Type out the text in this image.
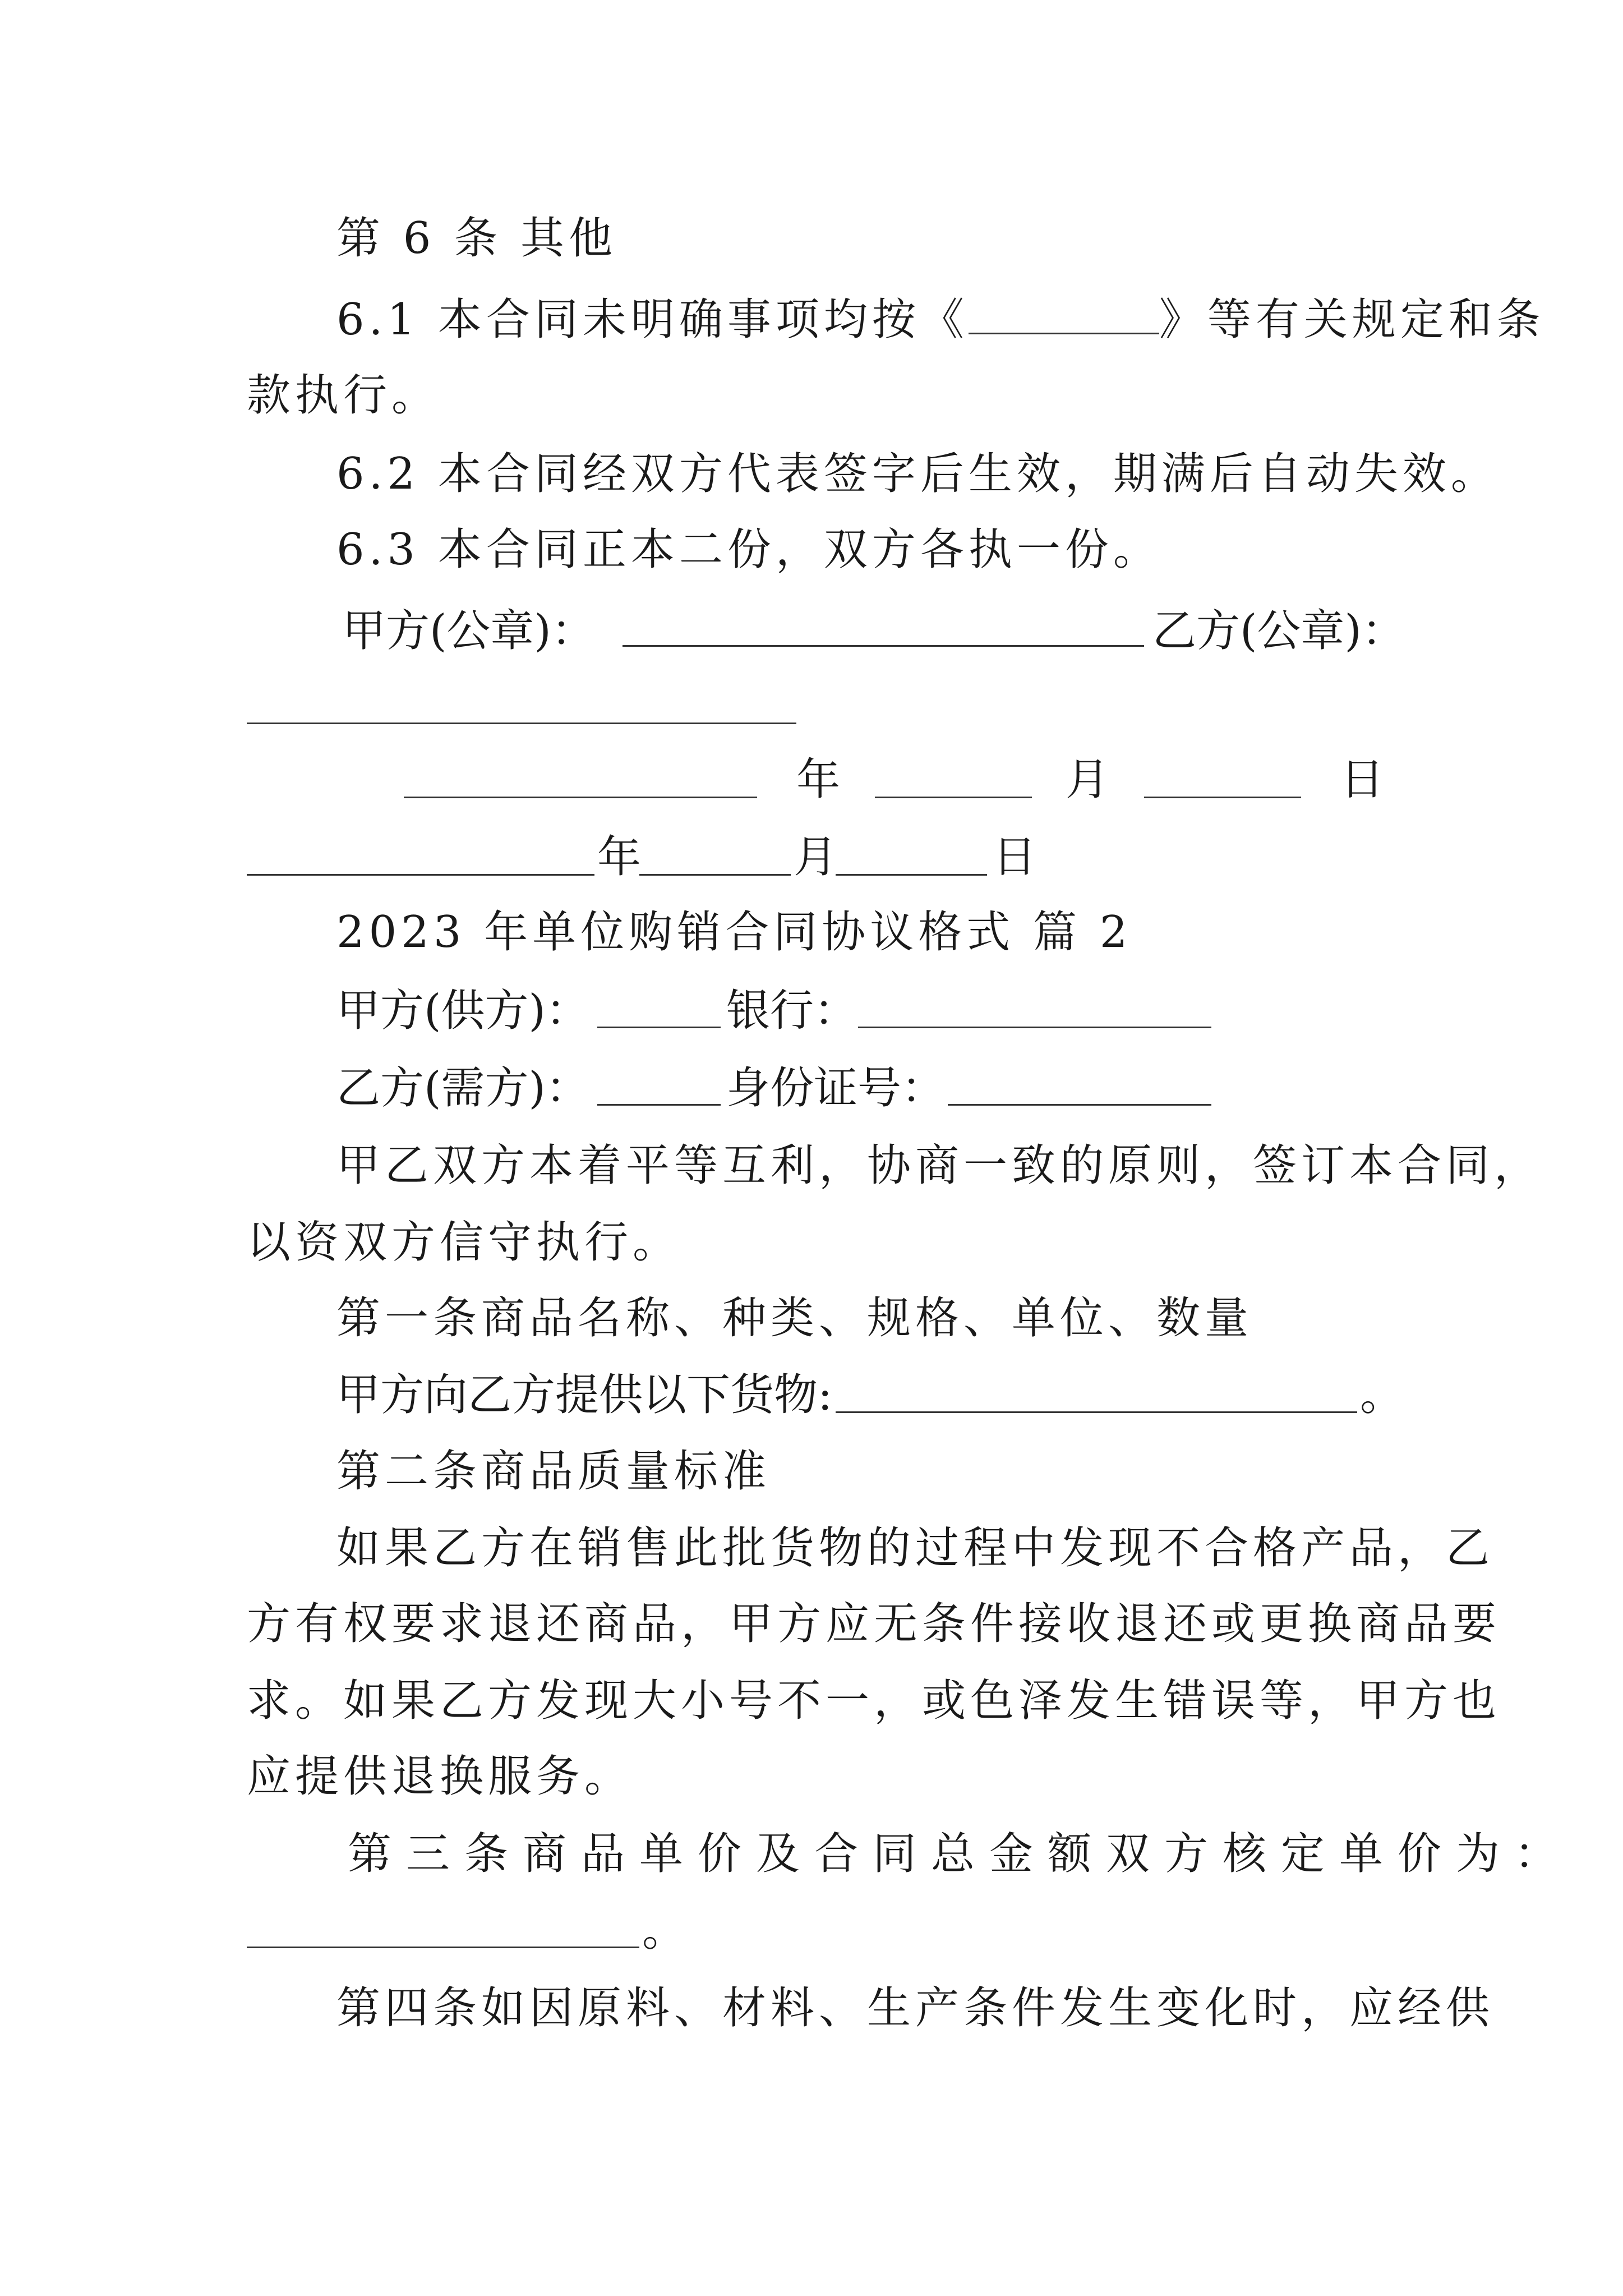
第 6 条 其他
6.1 本合同未明确事项均按《	》等有关规定和条
款执行。
6.2 本合同经双方代表签字后生效，期满后自动失效。
6.3 本合同正本二份，双方各执一份。
甲方(公章)：	乙方(公章)：
年	月	日
年	月	日
2023 年单位购销合同协议格式 篇 2
甲方(供方)：	银行：
乙方(需方)：	身份证号：
甲乙双方本着平等互利，协商一致的原则，签订本合同，
以资双方信守执行。
第一条商品名称、种类、规格、单位、数量
甲方向乙方提供以下货物:	。
第二条商品质量标准
如果乙方在销售此批货物的过程中发现不合格产品，乙
方有权要求退还商品，甲方应无条件接收退还或更换商品要
求。如果乙方发现大小号不一，或色泽发生错误等，甲方也
应提供退换服务。
第三条商品单价及合同总金额双方核定单价为：
。
第四条如因原料、材料、生产条件发生变化时，应经供
